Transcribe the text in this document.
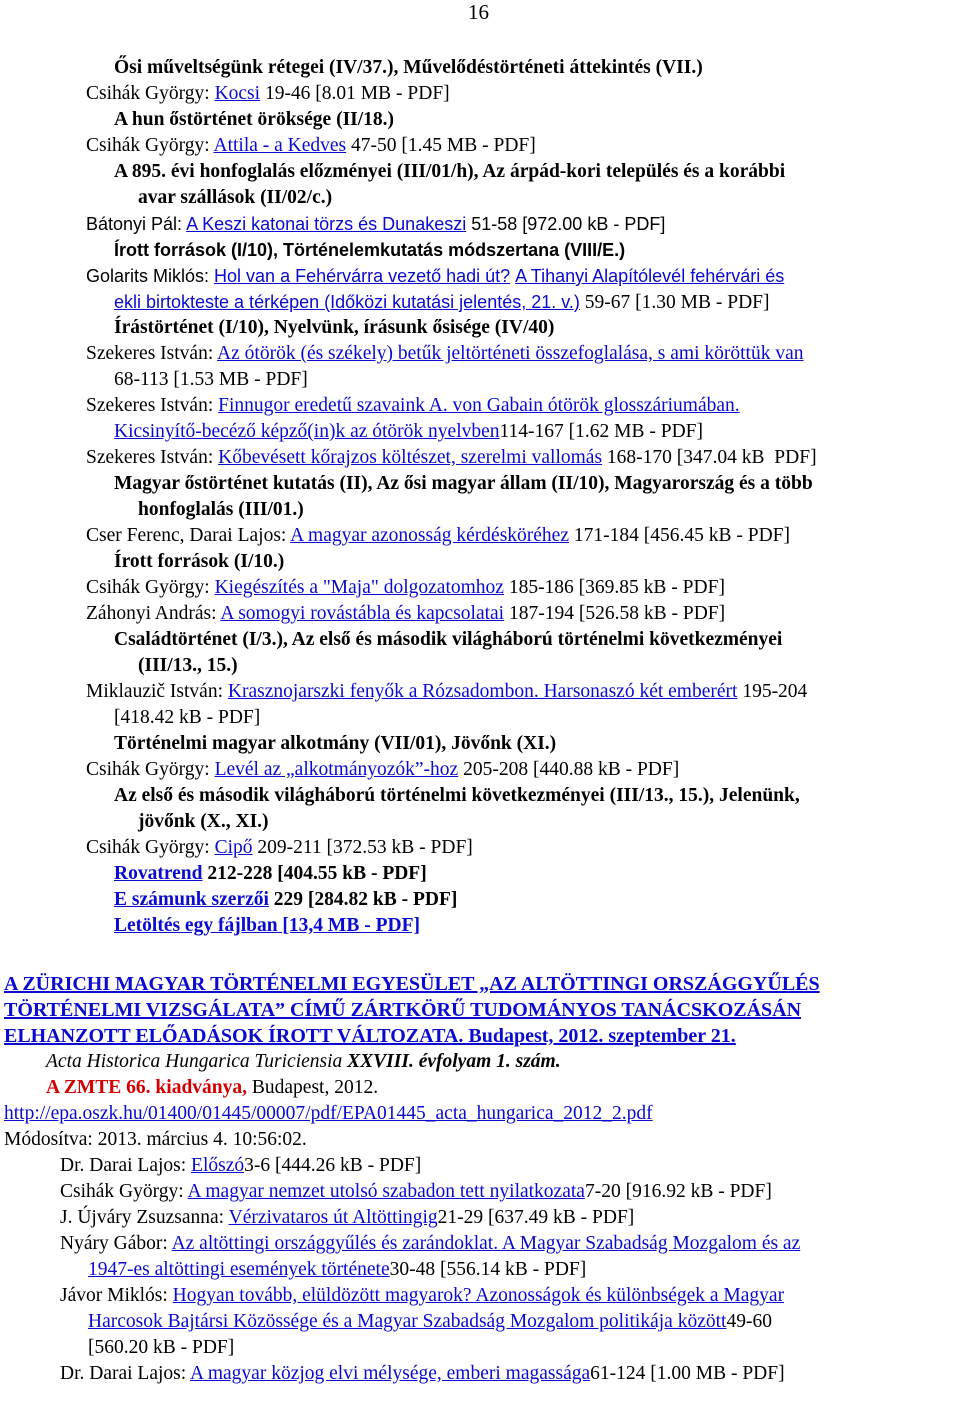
16
Ősi műveltségünk rétegei (IV/37.), Művelődéstörténeti áttekintés (VII.)
Csihák György: Kocsi 19-46 [8.01 MB - PDF]
A hun őstörténet öröksége (II/18.)
Csihák György: Attila - a Kedves 47-50 [1.45 MB - PDF]
A 895. évi honfoglalás előzményei (III/01/h), Az árpád-kori település és a korábbi
avar szállások (II/02/c.)
Bátonyi Pál: A Keszi katonai törzs és Dunakeszi 51-58 [972.00 kB - PDF]
Írott források (I/10), Történelemkutatás módszertana (VIII/E.)
Golarits Miklós: Hol van a Fehérvárra vezető hadi út? A Tihanyi Alapítólevél fehérvári és
ekli birtokteste a térképen (Időközi kutatási jelentés, 21. v.) 59-67 [1.30 MB - PDF]
Írástörténet (I/10), Nyelvünk, írásunk ősisége (IV/40)
Szekeres István: Az ótörök (és székely) betűk jeltörténeti összefoglalása, s ami köröttük van
68-113 [1.53 MB - PDF]
Szekeres István: Finnugor eredetű szavaink A. von Gabain ótörök glosszáriumában.
Kicsinyítő-becéző képző(in)k az ótörök nyelvben114-167 [1.62 MB - PDF]
Szekeres István: Kőbevésett kőrajzos költészet, szerelmi vallomás 168-170 [347.04 kB  PDF]
Magyar őstörténet kutatás (II), Az ősi magyar állam (II/10), Magyarország és a több
honfoglalás (III/01.)
Cser Ferenc, Darai Lajos: A magyar azonosság kérdésköréhez 171-184 [456.45 kB - PDF]
Írott források (I/10.)
Csihák György: Kiegészítés a "Maja" dolgozatomhoz 185-186 [369.85 kB - PDF]
Záhonyi András: A somogyi rovástábla és kapcsolatai 187-194 [526.58 kB - PDF]
Családtörténet (I/3.), Az első és második világháború történelmi következményei
(III/13., 15.)
Miklauzič István: Krasznojarszki fenyők a Rózsadombon. Harsonaszó két emberért 195-204
[418.42 kB - PDF]
Történelmi magyar alkotmány (VII/01), Jövőnk (XI.)
Csihák György: Levél az „alkotmányozók”-hoz 205-208 [440.88 kB - PDF]
Az első és második világháború történelmi következményei (III/13., 15.), Jelenünk,
jövőnk (X., XI.)
Csihák György: Cipő 209-211 [372.53 kB - PDF]
Rovatrend 212-228 [404.55 kB - PDF]
E számunk szerzői 229 [284.82 kB - PDF]
Letöltés egy fájlban [13,4 MB - PDF]
A ZÜRICHI MAGYAR TÖRTÉNELMI EGYESÜLET „AZ ALTÖTTINGI ORSZÁGGYŰLÉS
TÖRTÉNELMI VIZSGÁLATA” CÍMŰ ZÁRTKÖRŰ TUDOMÁNYOS TANÁCSKOZÁSÁN
ELHANZOTT ELŐADÁSOK ÍROTT VÁLTOZATA. Budapest, 2012. szeptember 21.
Acta Historica Hungarica Turiciensia XXVIII. évfolyam 1. szám.
A ZMTE 66. kiadványa, Budapest, 2012.
http://epa.oszk.hu/01400/01445/00007/pdf/EPA01445_acta_hungarica_2012_2.pdf
Módosítva: 2013. március 4. 10:56:02.
Dr. Darai Lajos: Előszó3-6 [444.26 kB - PDF]
Csihák György: A magyar nemzet utolsó szabadon tett nyilatkozata7-20 [916.92 kB - PDF]
J. Újváry Zsuzsanna: Vérzivataros út Altöttingig21-29 [637.49 kB - PDF]
Nyáry Gábor: Az altöttingi országgyűlés és zarándoklat. A Magyar Szabadság Mozgalom és az
1947-es altöttingi események története30-48 [556.14 kB - PDF]
Jávor Miklós: Hogyan tovább, elüldözött magyarok? Azonosságok és különbségek a Magyar
Harcosok Bajtársi Közössége és a Magyar Szabadság Mozgalom politikája között49-60
[560.20 kB - PDF]
Dr. Darai Lajos: A magyar közjog elvi mélysége, emberi magassága61-124 [1.00 MB - PDF]
